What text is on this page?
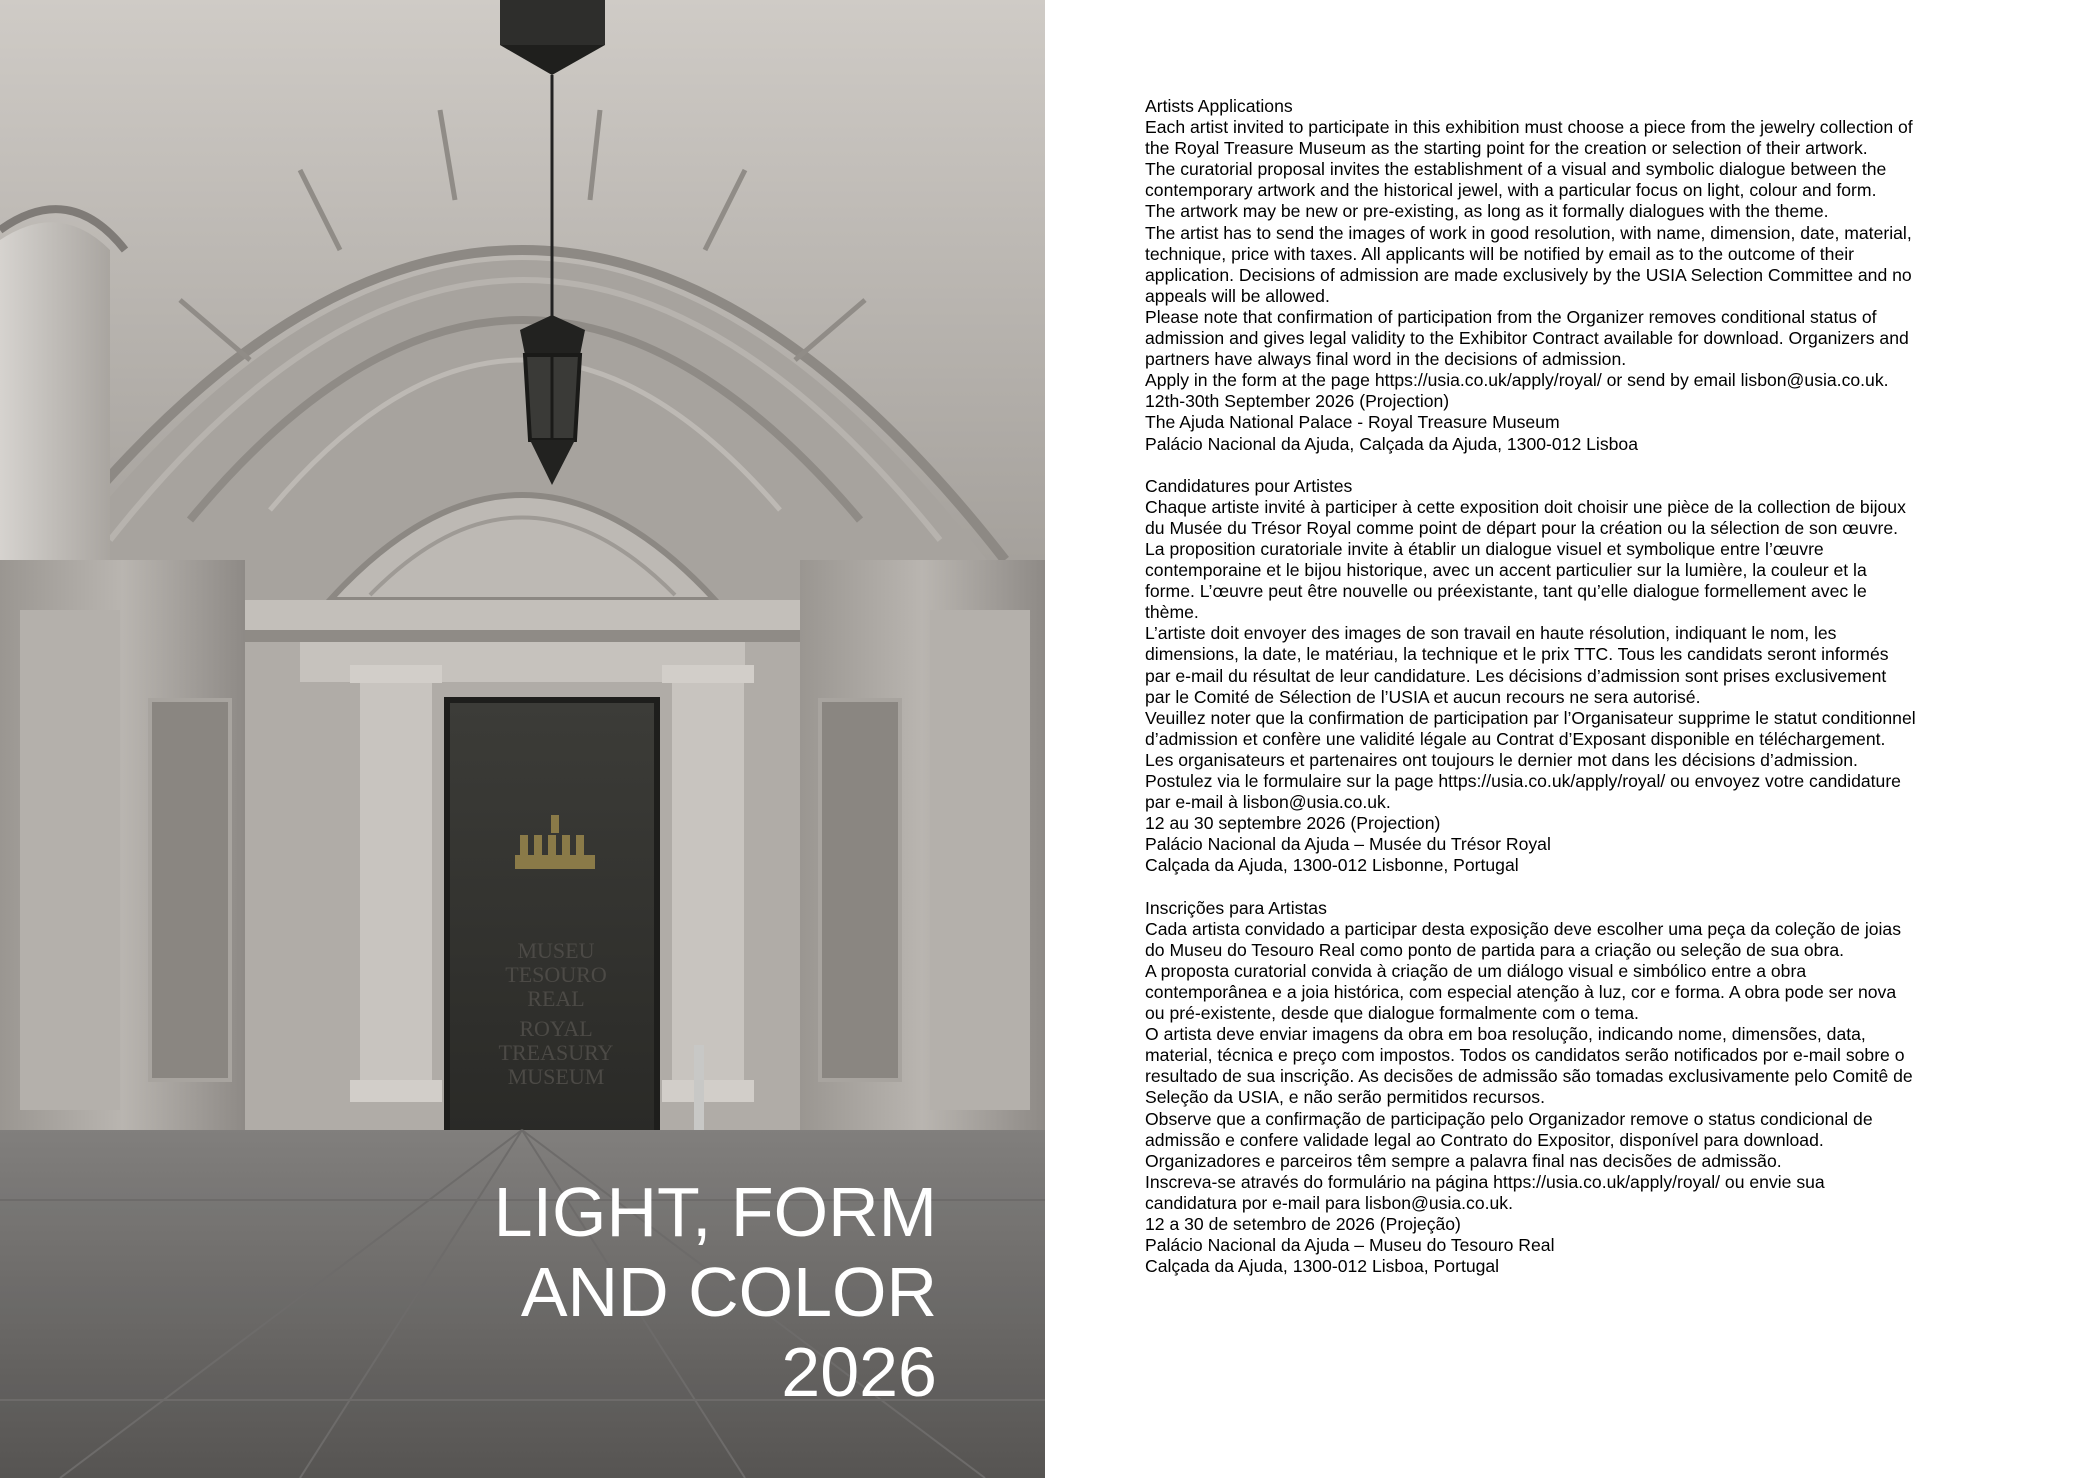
MUSEU
TESOURO
REAL
ROYAL
TREASURY
MUSEUM
LIGHT, FORM
AND COLOR
2026

Artists Applications

Each artist invited to participate in this exhibition must choose a piece from the jewelry collection of

the Royal Treasure Museum as the starting point for the creation or selection of their artwork.

The curatorial proposal invites the establishment of a visual and symbolic dialogue between the

contemporary artwork and the historical jewel, with a particular focus on light, colour and form.

The artwork may be new or pre-existing, as long as it formally dialogues with the theme.

The artist has to send the images of work in good resolution, with name, dimension, date, material,

technique, price with taxes. All applicants will be notified by email as to the outcome of their

application. Decisions of admission are made exclusively by the USIA Selection Committee and no

appeals will be allowed.

Please note that confirmation of participation from the Organizer removes conditional status of

admission and gives legal validity to the Exhibitor Contract available for download. Organizers and

partners have always final word in the decisions of admission.

Apply in the form at the page https://usia.co.uk/apply/royal/ or send by email lisbon@usia.co.uk.

12th-30th September 2026 (Projection)

The Ajuda National Palace - Royal Treasure Museum

Palácio Nacional da Ajuda, Calçada da Ajuda, 1300-012 Lisboa

Candidatures pour Artistes

Chaque artiste invité à participer à cette exposition doit choisir une pièce de la collection de bijoux

du Musée du Trésor Royal comme point de départ pour la création ou la sélection de son œuvre.

La proposition curatoriale invite à établir un dialogue visuel et symbolique entre l’œuvre

contemporaine et le bijou historique, avec un accent particulier sur la lumière, la couleur et la

forme. L’œuvre peut être nouvelle ou préexistante, tant qu’elle dialogue formellement avec le

thème.

L’artiste doit envoyer des images de son travail en haute résolution, indiquant le nom, les

dimensions, la date, le matériau, la technique et le prix TTC. Tous les candidats seront informés

par e-mail du résultat de leur candidature. Les décisions d’admission sont prises exclusivement

par le Comité de Sélection de l’USIA et aucun recours ne sera autorisé.

Veuillez noter que la confirmation de participation par l’Organisateur supprime le statut conditionnel

d’admission et confère une validité légale au Contrat d’Exposant disponible en téléchargement.

Les organisateurs et partenaires ont toujours le dernier mot dans les décisions d’admission.

Postulez via le formulaire sur la page https://usia.co.uk/apply/royal/ ou envoyez votre candidature

par e-mail à lisbon@usia.co.uk.

12 au 30 septembre 2026 (Projection)

Palácio Nacional da Ajuda – Musée du Trésor Royal

Calçada da Ajuda, 1300-012 Lisbonne, Portugal

Inscrições para Artistas

Cada artista convidado a participar desta exposição deve escolher uma peça da coleção de joias

do Museu do Tesouro Real como ponto de partida para a criação ou seleção de sua obra.

A proposta curatorial convida à criação de um diálogo visual e simbólico entre a obra

contemporânea e a joia histórica, com especial atenção à luz, cor e forma. A obra pode ser nova

ou pré-existente, desde que dialogue formalmente com o tema.

O artista deve enviar imagens da obra em boa resolução, indicando nome, dimensões, data,

material, técnica e preço com impostos. Todos os candidatos serão notificados por e-mail sobre o

resultado de sua inscrição. As decisões de admissão são tomadas exclusivamente pelo Comitê de

Seleção da USIA, e não serão permitidos recursos.

Observe que a confirmação de participação pelo Organizador remove o status condicional de

admissão e confere validade legal ao Contrato do Expositor, disponível para download.

Organizadores e parceiros têm sempre a palavra final nas decisões de admissão.

Inscreva-se através do formulário na página https://usia.co.uk/apply/royal/ ou envie sua

candidatura por e-mail para lisbon@usia.co.uk.

12 a 30 de setembro de 2026 (Projeção)

Palácio Nacional da Ajuda – Museu do Tesouro Real

Calçada da Ajuda, 1300-012 Lisboa, Portugal
